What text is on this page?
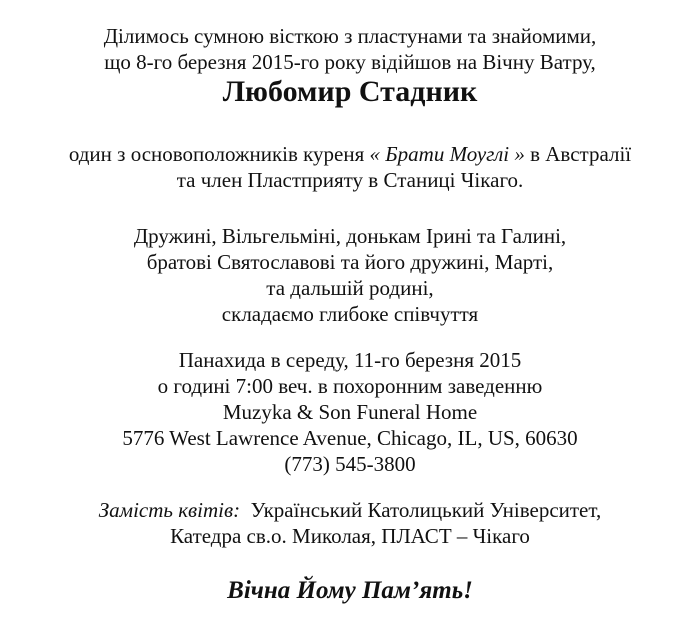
Ділимось сумною вісткою з пластунами та знайомими,
що 8-го березня 2015-го року відійшов на Вічну Ватру,
Любомир Стадник
один з основоположників куреня « Брати Моуглі » в Австралії
та член Пластприяту в Станиці Чікаго.
Дружині, Вільгельміні, донькам Ірині та Галині,
братові Святославові та його дружині, Марті,
та дальшій родині,
складаємо глибоке співчуття
Панахида в середу, 11-го березня 2015
о годині 7:00 веч. в похоронним заведенню
Muzyka & Son Funeral Home
5776 West Lawrence Avenue, Chicago, IL, US, 60630
(773) 545-3800
Замість квітів:  Український Католицький Університет,
Катедра св.о. Миколая, ПЛАСТ – Чікаго
Вічна Йому Пам’ять!
